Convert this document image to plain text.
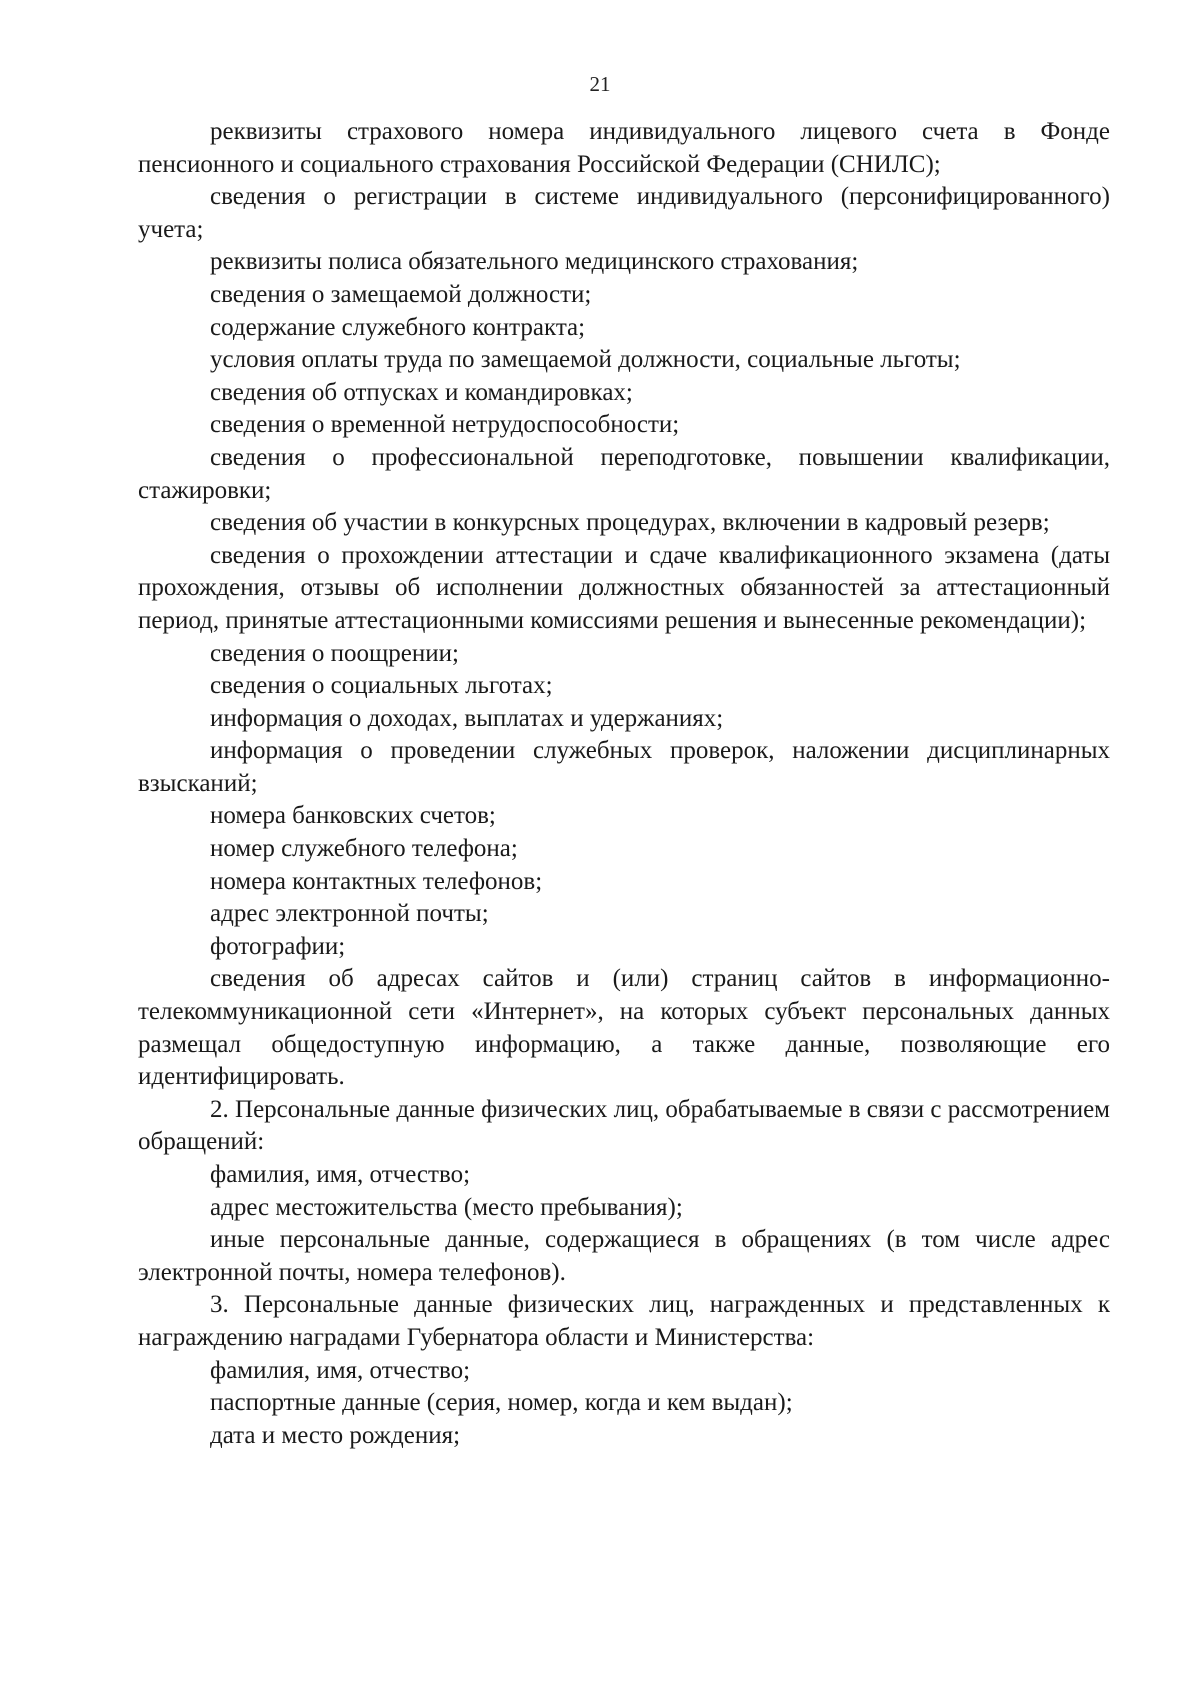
21

реквизиты страхового номера индивидуального лицевого счета в Фонде пенсионного и социального страхования Российской Федерации (СНИЛС);

сведения о регистрации в системе индивидуального (персонифицированного) учета;

реквизиты полиса обязательного медицинского страхования;

сведения о замещаемой должности;

содержание служебного контракта;

условия оплаты труда по замещаемой должности, социальные льготы;

сведения об отпусках и командировках;

сведения о временной нетрудоспособности;

сведения о профессиональной переподготовке, повышении квалификации, стажировки;

сведения об участии в конкурсных процедурах, включении в кадровый резерв;

сведения о прохождении аттестации и сдаче квалификационного экзамена (даты прохождения, отзывы об исполнении должностных обязанностей за аттестационный период, принятые аттестационными комиссиями решения и вынесенные рекомендации);

сведения о поощрении;

сведения о социальных льготах;

информация о доходах, выплатах и удержаниях;

информация о проведении служебных проверок, наложении дисциплинарных взысканий;

номера банковских счетов;

номер служебного телефона;

номера контактных телефонов;

адрес электронной почты;

фотографии;

сведения об адресах сайтов и (или) страниц сайтов в информационно-телекоммуникационной сети «Интернет», на которых субъект персональных данных размещал общедоступную информацию, а также данные, позволяющие его идентифицировать.

2. Персональные данные физических лиц, обрабатываемые в связи с рассмотрением обращений:

фамилия, имя, отчество;

адрес местожительства (место пребывания);

иные персональные данные, содержащиеся в обращениях (в том числе адрес электронной почты, номера телефонов).

3. Персональные данные физических лиц, награжденных и представленных к награждению наградами Губернатора области и Министерства:

фамилия, имя, отчество;

паспортные данные (серия, номер, когда и кем выдан);

дата и место рождения;
